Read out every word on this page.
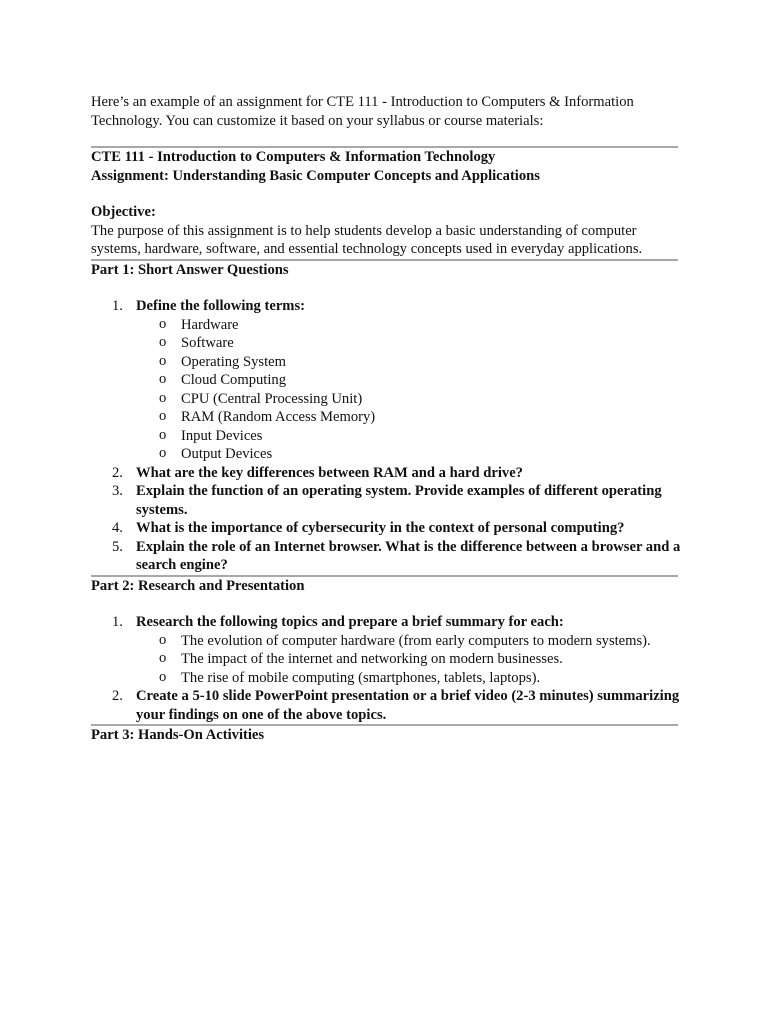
Here’s an example of an assignment for CTE 111 - Introduction to Computers & Information Technology. You can customize it based on your syllabus or course materials:

CTE 111 - Introduction to Computers & Information Technology

Assignment: Understanding Basic Computer Concepts and Applications

Objective:

The purpose of this assignment is to help students develop a basic understanding of computer systems, hardware, software, and essential technology concepts used in everyday applications.

Part 1: Short Answer Questions

1. Define the following terms:
o Hardware
o Software
o Operating System
o Cloud Computing
o CPU (Central Processing Unit)
o RAM (Random Access Memory)
o Input Devices
o Output Devices
2. What are the key differences between RAM and a hard drive?
3. Explain the function of an operating system. Provide examples of different operating systems.
4. What is the importance of cybersecurity in the context of personal computing?
5. Explain the role of an Internet browser. What is the difference between a browser and a search engine?

Part 2: Research and Presentation

1. Research the following topics and prepare a brief summary for each:
o The evolution of computer hardware (from early computers to modern systems).
o The impact of the internet and networking on modern businesses.
o The rise of mobile computing (smartphones, tablets, laptops).
2. Create a 5-10 slide PowerPoint presentation or a brief video (2-3 minutes) summarizing your findings on one of the above topics.

Part 3: Hands-On Activities
